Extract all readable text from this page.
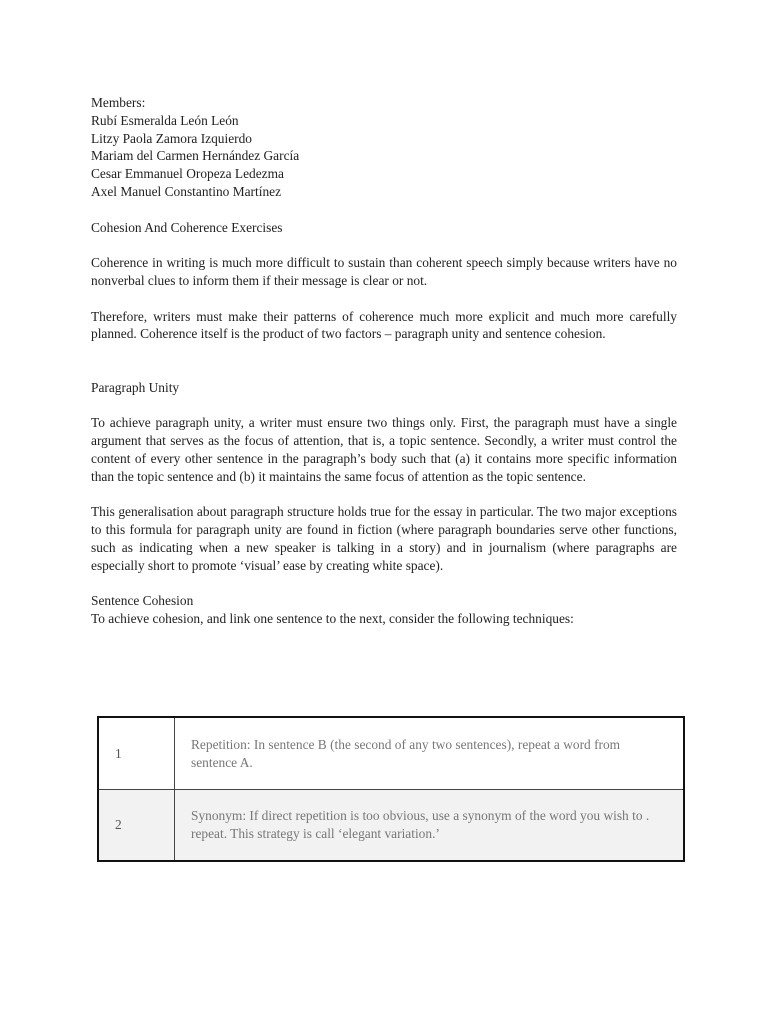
Members:

Rubí Esmeralda León León

Litzy Paola Zamora Izquierdo

Mariam del Carmen Hernández García

Cesar Emmanuel Oropeza Ledezma

Axel Manuel Constantino Martínez

Cohesion And Coherence Exercises

Coherence in writing is much more difficult to sustain than coherent speech simply because writers have no nonverbal clues to inform them if their message is clear or not.

Therefore, writers must make their patterns of coherence much more explicit and much more carefully planned. Coherence itself is the product of two factors – paragraph unity and sentence cohesion.

Paragraph Unity

To achieve paragraph unity, a writer must ensure two things only. First, the paragraph must have a single argument that serves as the focus of attention, that is, a topic sentence. Secondly, a writer must control the content of every other sentence in the paragraph’s body such that (a) it contains more specific information than the topic sentence and (b) it maintains the same focus of attention as the topic sentence.

This generalisation about paragraph structure holds true for the essay in particular. The two major exceptions to this formula for paragraph unity are found in fiction (where paragraph boundaries serve other functions, such as indicating when a new speaker is talking in a story) and in journalism (where paragraphs are especially short to promote ‘visual’ ease by creating white space).

Sentence Cohesion

To achieve cohesion, and link one sentence to the next, consider the following techniques:

1	Repetition: In sentence B (the second of any two sentences), repeat a word from sentence A.
2	Synonym: If direct repetition is too obvious, use a synonym of the word you wish to . repeat. This strategy is call ‘elegant variation.’
